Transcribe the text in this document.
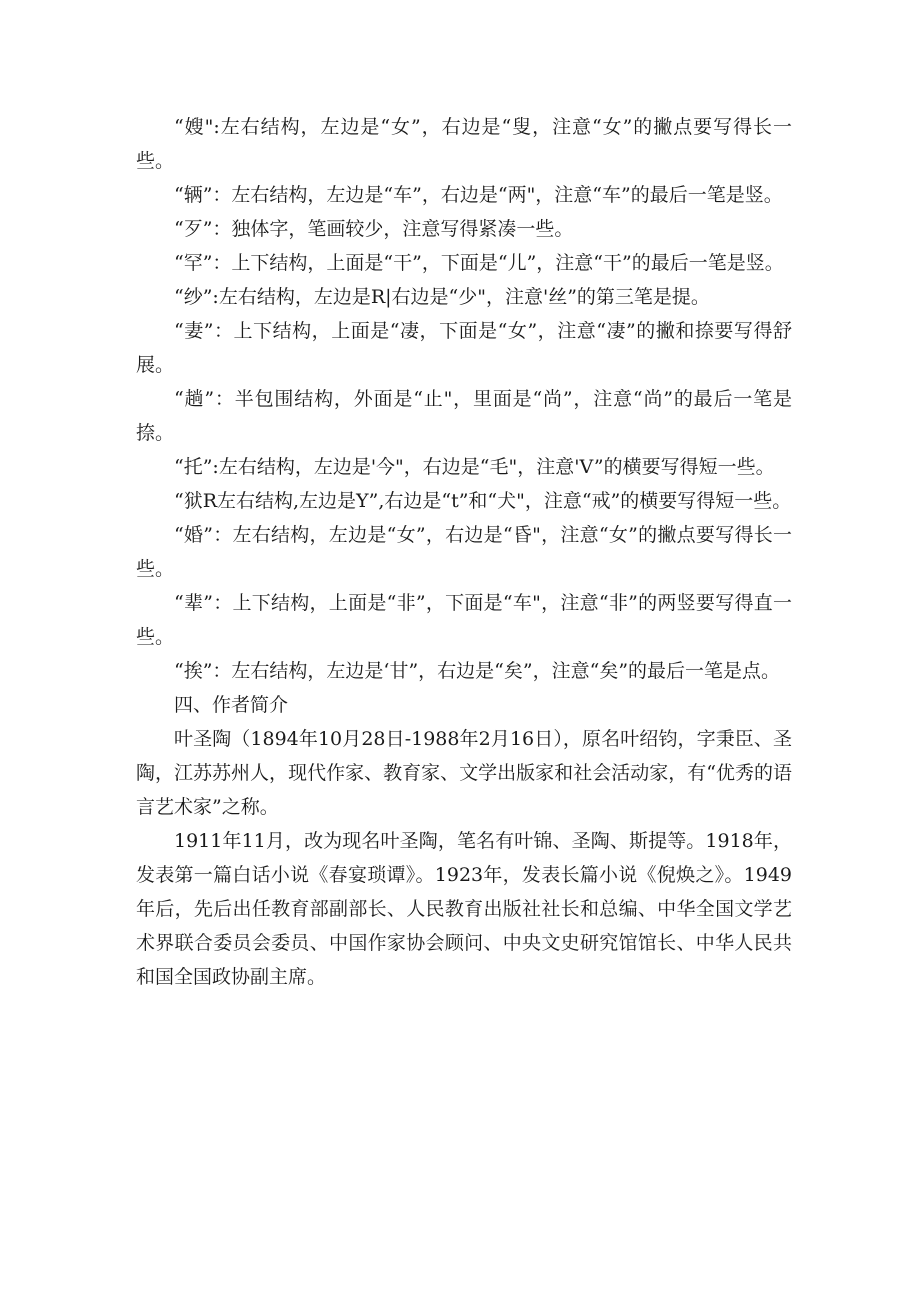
“嫂":左右结构，左边是“女”，右边是“叟，注意“女”的撇点要写得长一些。

“辆”：左右结构，左边是“车”，右边是“两"，注意“车”的最后一笔是竖。

“歹”：独体字，笔画较少，注意写得紧凑一些。

“罕”：上下结构，上面是“干”，下面是“儿”，注意“干”的最后一笔是竖。

“纱”:左右结构，左边是R|右边是“少"，注意'丝”的第三笔是提。

“妻”：上下结构，上面是“凄，下面是“女”，注意“凄”的撇和捺要写得舒展。

“趟”：半包围结构，外面是“止"，里面是“尚”，注意“尚”的最后一笔是捺。

“托”:左右结构，左边是'今"，右边是“毛"，注意'V”的横要写得短一些。

“狱R左右结构,左边是Y”,右边是“t”和“犬"，注意“戒”的横要写得短一些。

“婚”：左右结构，左边是“女”，右边是“昏"，注意“女”的撇点要写得长一些。

“辈”：上下结构，上面是“非”，下面是“车"，注意“非”的两竖要写得直一些。

“挨”：左右结构，左边是‘甘”，右边是“矣”，注意“矣”的最后一笔是点。

四、作者简介

叶圣陶（1894年10月28日-1988年2月16日），原名叶绍钧，字秉臣、圣陶，江苏苏州人，现代作家、教育家、文学出版家和社会活动家，有“优秀的语言艺术家”之称。

1911年11月，改为现名叶圣陶，笔名有叶锦、圣陶、斯提等。1918年，发表第一篇白话小说《春宴琐谭》。1923年，发表长篇小说《倪焕之》。1949年后，先后出任教育部副部长、人民教育出版社社长和总编、中华全国文学艺术界联合委员会委员、中国作家协会顾问、中央文史研究馆馆长、中华人民共和国全国政协副主席。
